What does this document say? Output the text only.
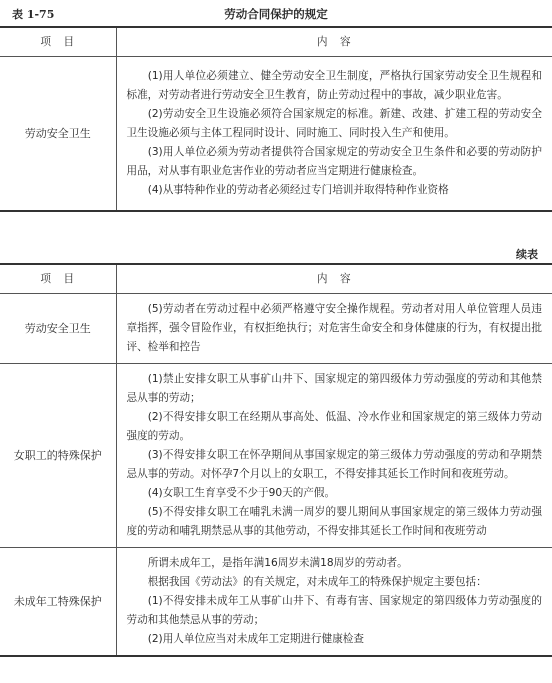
表 1-75	劳动合同保护的规定
项　目	内　容
劳动安全卫生	(1)用人单位必须建立、健全劳动安全卫生制度，严格执行国家劳动安全卫生规程和标准，对劳动者进行劳动安全卫生教育，防止劳动过程中的事故，减少职业危害。

(2)劳动安全卫生设施必须符合国家规定的标准。新建、改建、扩建工程的劳动安全卫生设施必须与主体工程同时设计、同时施工、同时投入生产和使用。

(3)用人单位必须为劳动者提供符合国家规定的劳动安全卫生条件和必要的劳动防护用品，对从事有职业危害作业的劳动者应当定期进行健康检查。

(4)从事特种作业的劳动者必须经过专门培训并取得特种作业资格

续表
项　目	内　容
劳动安全卫生	(5)劳动者在劳动过程中必须严格遵守安全操作规程。劳动者对用人单位管理人员违章指挥，强令冒险作业，有权拒绝执行；对危害生命安全和身体健康的行为，有权提出批评、检举和控告

女职工的特殊保护	(1)禁止安排女职工从事矿山井下、国家规定的第四级体力劳动强度的劳动和其他禁忌从事的劳动；

(2)不得安排女职工在经期从事高处、低温、冷水作业和国家规定的第三级体力劳动强度的劳动。

(3)不得安排女职工在怀孕期间从事国家规定的第三级体力劳动强度的劳动和孕期禁忌从事的劳动。对怀孕7个月以上的女职工，不得安排其延长工作时间和夜班劳动。

(4)女职工生育享受不少于90天的产假。

(5)不得安排女职工在哺乳未满一周岁的婴儿期间从事国家规定的第三级体力劳动强度的劳动和哺乳期禁忌从事的其他劳动，不得安排其延长工作时间和夜班劳动

未成年工特殊保护	所谓未成年工，是指年满16周岁未满18周岁的劳动者。

根据我国《劳动法》的有关规定，对未成年工的特殊保护规定主要包括：

(1)不得安排未成年工从事矿山井下、有毒有害、国家规定的第四级体力劳动强度的劳动和其他禁忌从事的劳动；

(2)用人单位应当对未成年工定期进行健康检查
